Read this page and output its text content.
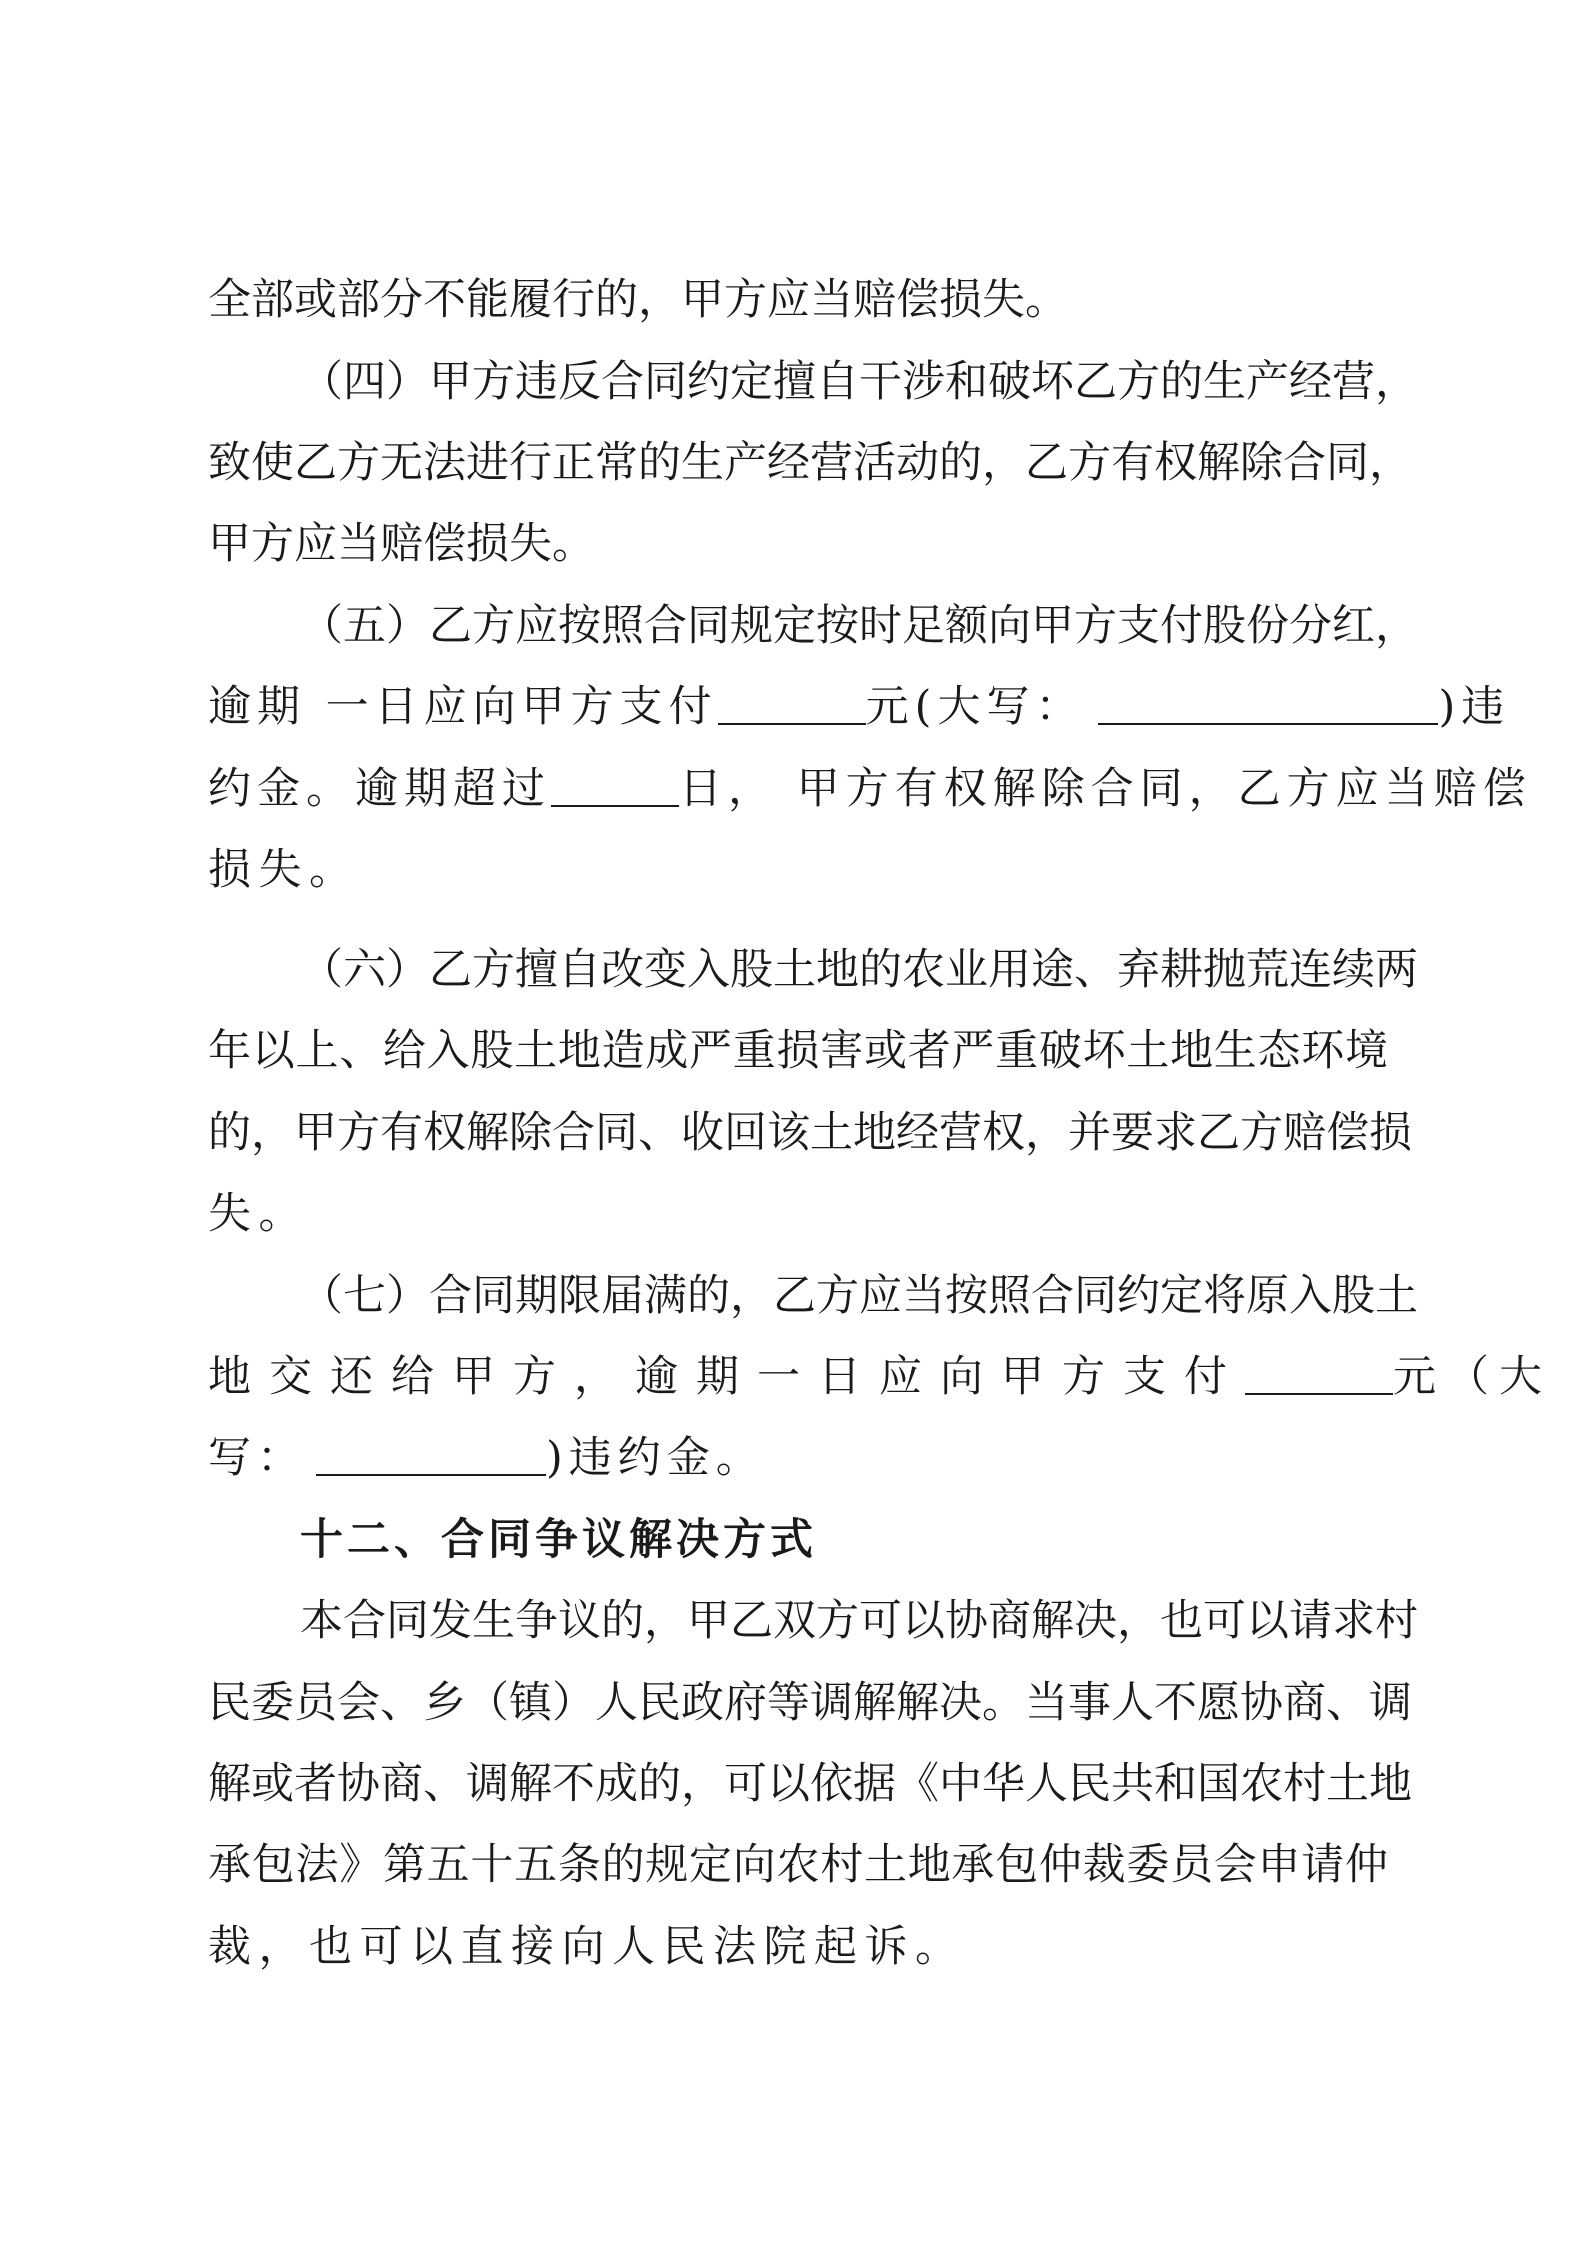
全部或部分不能履行的，甲方应当赔偿损失。
（四）甲方违反合同约定擅自干涉和破坏乙方的生产经营，
致使乙方无法进行正常的生产经营活动的，乙方有权解除合同，
甲方应当赔偿损失。
（五）乙方应按照合同规定按时足额向甲方支付股份分红，
逾期 一日应向甲方支付	元(大写：	)违
约金。逾期超过	日， 甲方有权解除合同，乙方应当赔偿
损失。
（六）乙方擅自改变入股土地的农业用途、弃耕抛荒连续两
年以上、给入股土地造成严重损害或者严重破坏土地生态环境
的，甲方有权解除合同、收回该土地经营权，并要求乙方赔偿损
失。
（七）合同期限届满的，乙方应当按照合同约定将原入股土
地交还给甲方，逾期一日应向甲方支付	元（大
写：	)违约金。
十二、合同争议解决方式
本合同发生争议的，甲乙双方可以协商解决，也可以请求村
民委员会、乡（镇）人民政府等调解解决。当事人不愿协商、调
解或者协商、调解不成的，可以依据《中华人民共和国农村土地
承包法》第五十五条的规定向农村土地承包仲裁委员会申请仲
裁，也可以直接向人民法院起诉。
